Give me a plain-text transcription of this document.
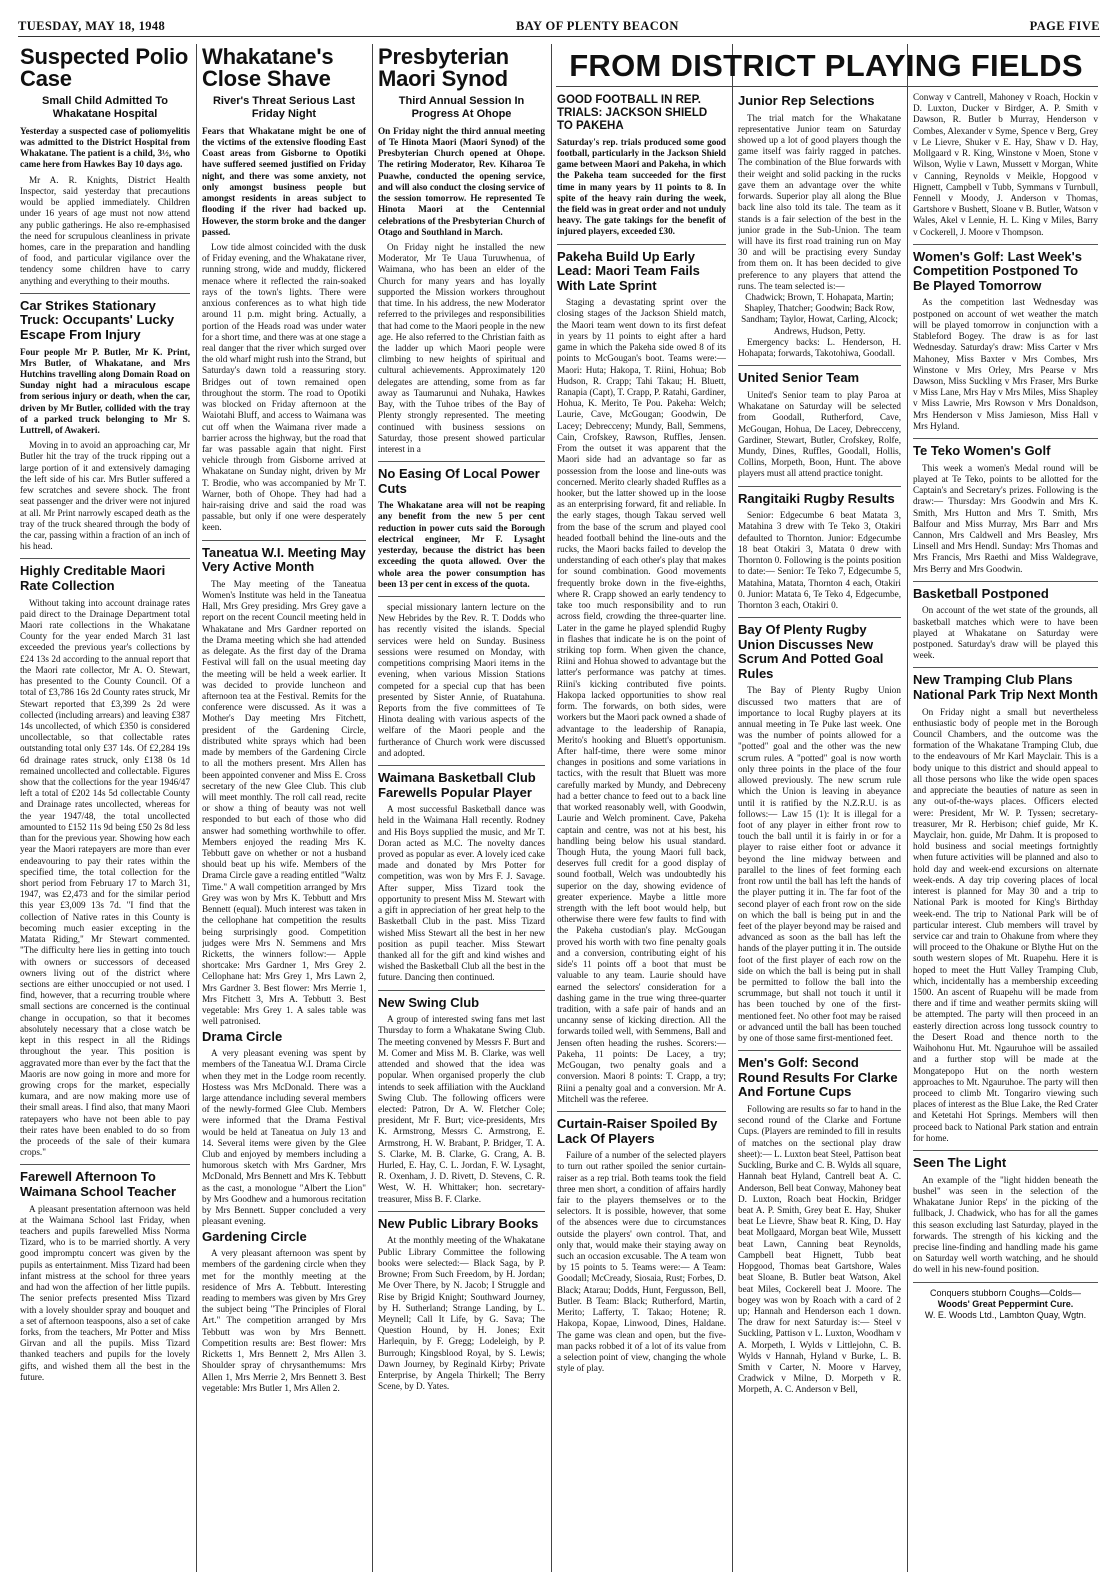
TUESDAY, MAY 18, 1948	BAY OF PLENTY BEACON	PAGE FIVE
FROM DISTRICT PLAYING FIELDS
Suspected Polio Case
Small Child Admitted To Whakatane Hospital
Yesterday a suspected case of poliomyelitis was admitted to the District Hospital from Whakatane. The patient is a child, 3½, who came here from Hawkes Bay 10 days ago.

Mr A. R. Knights, District Health Inspector, said yesterday that precautions would be applied immediately. Children under 16 years of age must not now attend any public gatherings. He also re-emphasised the need for scrupulous cleanliness in private homes, care in the preparation and handling of food, and particular vigilance over the tendency some children have to carry anything and everything to their mouths.

Car Strikes Stationary Truck: Occupants' Lucky Escape From Injury
Four people Mr P. Butler, Mr K. Print, Mrs Butler, of Whakatane, and Mrs Hutchins travelling along Domain Road on Sunday night had a miraculous escape from serious injury or death, when the car, driven by Mr Butler, collided with the tray of a parked truck belonging to Mr S. Luttrell, of Awakeri.

Moving in to avoid an approaching car, Mr Butler hit the tray of the truck ripping out a large portion of it and extensively damaging the left side of his car. Mrs Butler suffered a few scratches and severe shock. The front seat passenger and the driver were not injured at all. Mr Print narrowly escaped death as the tray of the truck sheared through the body of the car, passing within a fraction of an inch of his head.

Highly Creditable Maori Rate Collection

Without taking into account drainage rates paid direct to the Drainage Department total Maori rate collections in the Whakatane County for the year ended March 31 last exceeded the previous year's collections by £24 13s 2d according to the annual report that the Maori rate collector, Mr A. O. Stewart, has presented to the County Council. Of a total of £3,786 16s 2d County rates struck, Mr Stewart reported that £3,399 2s 2d were collected (including arrears) and leaving £387 14s uncollected, of which £350 is considered uncollectable, so that collectable rates outstanding total only £37 14s. Of £2,284 19s 6d drainage rates struck, only £138 0s 1d remained uncollected and collectable. Figures show that the collections for the year 1946/47 left a total of £202 14s 5d collectable County and Drainage rates uncollected, whereas for the year 1947/48, the total uncollected amounted to £152 11s 9d being £50 2s 8d less than for the previous year. Showing how each year the Maori ratepayers are more than ever endeavouring to pay their rates within the specified time, the total collection for the short period from February 17 to March 31, 1947, was £2,473 and for the similar period this year £3,009 13s 7d. "I find that the collection of Native rates in this County is becoming much easier excepting in the Matata Riding," Mr Stewart commented. "The difficulty here lies in getting into touch with owners or successors of deceased owners living out of the district where sections are either unoccupied or not used. I find, however, that a recurring trouble where small sections are concerned is the continual change in occupation, so that it becomes absolutely necessary that a close watch be kept in this respect in all the Ridings throughout the year. This position is aggravated more than ever by the fact that the Maoris are now going in more and more for growing crops for the market, especially kumara, and are now making more use of their small areas. I find also, that many Maori ratepayers who have not been able to pay their rates have been enabled to do so from the proceeds of the sale of their kumara crops."

Farewell Afternoon To Waimana School Teacher

A pleasant presentation afternoon was held at the Waimana School last Friday, when teachers and pupils farewelled Miss Norma Tizard, who is to be married shortly. A very good impromptu concert was given by the pupils as entertainment. Miss Tizard had been infant mistress at the school for three years and had won the affection of her little pupils. The senior prefects presented Miss Tizard with a lovely shoulder spray and bouquet and a set of afternoon teaspoons, also a set of cake forks, from the teachers, Mr Potter and Miss Girvan and all the pupils. Miss Tizard thanked teachers and pupils for the lovely gifts, and wished them all the best in the future.

Whakatane's Close Shave
River's Threat Serious Last Friday Night
Fears that Whakatane might be one of the victims of the extensive flooding East Coast areas from Gisborne to Opotiki have suffered seemed justified on Friday night, and there was some anxiety, not only amongst business people but amongst residents in areas subject to flooding if the river had backed up. However, the storm broke and the danger passed.

Low tide almost coincided with the dusk of Friday evening, and the Whakatane river, running strong, wide and muddy, flickered menace where it reflected the rain-soaked rays of the town's lights. There were anxious conferences as to what high tide around 11 p.m. might bring. Actually, a portion of the Heads road was under water for a short time, and there was at one stage a real danger that the river which surged over the old wharf might rush into the Strand, but Saturday's dawn told a reassuring story. Bridges out of town remained open throughout the storm. The road to Opotiki was blocked on Friday afternoon at the Waiotahi Bluff, and access to Waimana was cut off when the Waimana river made a barrier across the highway, but the road that far was passable again that night. First vehicle through from Gisborne arrived at Whakatane on Sunday night, driven by Mr T. Brodie, who was accompanied by Mr T. Warner, both of Ohope. They had had a hair-raising drive and said the road was passable, but only if one were desperately keen.

Taneatua W.I. Meeting May Very Active Month

The May meeting of the Taneatua Women's Institute was held in the Taneatua Hall, Mrs Grey presiding. Mrs Grey gave a report on the recent Council meeting held in Whakatane and Mrs Gardner reported on the Drama meeting which she had attended as delegate. As the first day of the Drama Festival will fall on the usual meeting day the meeting will be held a week earlier. It was decided to provide luncheon and afternoon tea at the Festival. Remits for the conference were discussed. As it was a Mother's Day meeting Mrs Fitchett, president of the Gardening Circle, distributed white sprays which had been made by members of the Gardening Circle to all the mothers present. Mrs Allen has been appointed convener and Miss E. Cross secretary of the new Glee Club. This club will meet monthly. The roll call read, recite or show a thing of beauty was not well responded to but each of those who did answer had something worthwhile to offer. Members enjoyed the reading Mrs K. Tebbutt gave on whether or not a husband should beat up his wife. Members of the Drama Circle gave a reading entitled "Waltz Time." A wall competition arranged by Mrs Grey was won by Mrs K. Tebbutt and Mrs Bennett (equal). Much interest was taken in the cellophane hat competition the results being surprisingly good. Competition judges were Mrs N. Semmens and Mrs Ricketts, the winners follow:— Apple shortcake: Mrs Gardner 1, Mrs Grey 2. Cellophane hat: Mrs Grey 1, Mrs Lawn 2, Mrs Gardner 3. Best flower: Mrs Merrie 1, Mrs Fitchett 3, Mrs A. Tebbutt 3. Best vegetable: Mrs Grey 1. A sales table was well patronised.

Drama Circle

A very pleasant evening was spent by members of the Taneatua W.I. Drama Circle when they met in the Lodge room recently. Hostess was Mrs McDonald. There was a large attendance including several members of the newly-formed Glee Club. Members were informed that the Drama Festival would be held at Taneatua on July 13 and 14. Several items were given by the Glee Club and enjoyed by members including a humorous sketch with Mrs Gardner, Mrs McDonald, Mrs Bennett and Mrs K. Tebbutt as the cast, a monologue "Albert the Lion" by Mrs Goodhew and a humorous recitation by Mrs Bennett. Supper concluded a very pleasant evening.

Gardening Circle

A very pleasant afternoon was spent by members of the gardening circle when they met for the monthly meeting at the residence of Mrs A. Tebbutt. Interesting reading to members was given by Mrs Grey the subject being "The Principles of Floral Art." The competition arranged by Mrs Tebbutt was won by Mrs Bennett. Competition results are: Best flower: Mrs Ricketts 1, Mrs Bennett 2, Mrs Allen 3. Shoulder spray of chrysanthemums: Mrs Allen 1, Mrs Merrie 2, Mrs Bennett 3. Best vegetable: Mrs Butler 1, Mrs Allen 2.

Presbyterian Maori Synod
Third Annual Session In Progress At Ohope
On Friday night the third annual meeting of Te Hinota Maori (Maori Synod) of the Presbyterian Church opened at Ohope. The retiring Moderator, Rev. Kiharoa Te Puawhe, conducted the opening service, and will also conduct the closing service of the session tomorrow. He represented Te Hinota Maori at the Centennial celebrations of the Presbyterian Church of Otago and Southland in March.

On Friday night he installed the new Moderator, Mr Te Uaua Turuwhenua, of Waimana, who has been an elder of the Church for many years and has loyally supported the Mission workers throughout that time. In his address, the new Moderator referred to the privileges and responsibilities that had come to the Maori people in the new age. He also referred to the Christian faith as the ladder up which Maori people were climbing to new heights of spiritual and cultural achievements. Approximately 120 delegates are attending, some from as far away as Taumarunui and Nuhaka, Hawkes Bay, with the Tuhoe tribes of the Bay of Plenty strongly represented. The meeting continued with business sessions on Saturday, those present showed particular interest in a

No Easing Of Local Power Cuts
The Whakatane area will not be reaping any benefit from the new 5 per cent reduction in power cuts said the Borough electrical engineer, Mr F. Lysaght yesterday, because the district has been exceeding the quota allowed. Over the whole area the power consumption has been 13 per cent in excess of the quota.

special missionary lantern lecture on the New Hebrides by the Rev. R. T. Dodds who has recently visited the islands. Special services were held on Sunday. Business sessions were resumed on Monday, with competitions comprising Maori items in the evening, when various Mission Stations competed for a special cup that has been presented by Sister Annie, of Ruatahuna. Reports from the five committees of Te Hinota dealing with various aspects of the welfare of the Maori people and the furtherance of Church work were discussed and adopted.

Waimana Basketball Club Farewells Popular Player

A most successful Basketball dance was held in the Waimana Hall recently. Rodney and His Boys supplied the music, and Mr T. Doran acted as M.C. The novelty dances proved as popular as ever. A lovely iced cake made and donated by Mrs Potter for competition, was won by Mrs F. J. Savage. After supper, Miss Tizard took the opportunity to present Miss M. Stewart with a gift in appreciation of her great help to the Basketball Club in the past. Miss Tizard wished Miss Stewart all the best in her new position as pupil teacher. Miss Stewart thanked all for the gift and kind wishes and wished the Basketball Club all the best in the future. Dancing then continued.

New Swing Club

A group of interested swing fans met last Thursday to form a Whakatane Swing Club. The meeting convened by Messrs F. Burt and M. Comer and Miss M. B. Clarke, was well attended and showed that the idea was popular. When organised properly the club intends to seek affiliation with the Auckland Swing Club. The following officers were elected: Patron, Dr A. W. Fletcher Cole; president, Mr F. Burt; vice-presidents, Mrs K. Armstrong, Messrs C. Armstrong, E. Armstrong, H. W. Brabant, P. Bridger, T. A. S. Clarke, M. B. Clarke, G. Crang, A. B. Hurled, E. Hay, C. L. Jordan, F. W. Lysaght, R. Oxenham, J. D. Rivett, D. Stevens, C. R. West, W. H. Whittaker; hon. secretary-treasurer, Miss B. F. Clarke.

New Public Library Books

At the monthly meeting of the Whakatane Public Library Committee the following books were selected:— Black Saga, by P. Browne; From Such Freedom, by H. Jordan; Me Over There, by N. Jacob; I Struggle and Rise by Brigid Knight; Southward Journey, by H. Sutherland; Strange Landing, by L. Meynell; Call It Life, by G. Sava; The Question Hound, by H. Jones; Exit Harlequin, by F. Gregg; Lodeleigh, by P. Burrough; Kingsblood Royal, by S. Lewis; Dawn Journey, by Reginald Kirby; Private Enterprise, by Angela Thirkell; The Berry Scene, by D. Yates.

GOOD FOOTBALL IN REP. TRIALS: JACKSON SHIELD TO PAKEHA
Saturday's rep. trials produced some good football, particularly in the Jackson Shield game between Maori and Pakeha, in which the Pakeha team succeeded for the first time in many years by 11 points to 8. In spite of the heavy rain during the week, the field was in great order and not unduly heavy. The gate takings for the benefit of injured players, exceeded £30.
Pakeha Build Up Early Lead: Maori Team Fails With Late Sprint

Staging a devastating sprint over the closing stages of the Jackson Shield match, the Maori team went down to its first defeat in years by 11 points to eight after a hard game in which the Pakeha side owed 8 of its points to McGougan's boot. Teams were:— Maori: Huta; Hakopa, T. Riini, Hohua; Bob Hudson, R. Crapp; Tahi Takau; H. Bluett, Ranapia (Capt), T. Crapp, P. Ratahi, Gardiner, Hohua, K. Merito, Te Pou. Pakeha: Welch; Laurie, Cave, McGougan; Goodwin, De Lacey; Debrecceny; Mundy, Ball, Semmens, Cain, Crofskey, Rawson, Ruffles, Jensen. From the outset it was apparent that the Maori side had an advantage so far as possession from the loose and line-outs was concerned. Merito clearly shaded Ruffles as a hooker, but the latter showed up in the loose as an enterprising forward, fit and reliable. In the early stages, though Takau served well from the base of the scrum and played cool headed football behind the line-outs and the rucks, the Maori backs failed to develop the understanding of each other's play that makes for sound combination. Good movements frequently broke down in the five-eighths, where R. Crapp showed an early tendency to take too much responsibility and to run across field, crowding the three-quarter line. Later in the game he played splendid Rugby in flashes that indicate he is on the point of striking top form. When given the chance, Riini and Hohua showed to advantage but the latter's performance was patchy at times. Riini's kicking contributed five points. Hakopa lacked opportunities to show real form. The forwards, on both sides, were workers but the Maori pack owned a shade of advantage to the leadership of Ranapia, Merito's hooking and Bluett's opportunism. After half-time, there were some minor changes in positions and some variations in tactics, with the result that Bluett was more carefully marked by Mundy, and Debreceny had a better chance to feed out to a back line that worked reasonably well, with Goodwin, Laurie and Welch prominent. Cave, Pakeha captain and centre, was not at his best, his handling being below his usual standard. Though Huta, the young Maori full back, deserves full credit for a good display of sound football, Welch was undoubtedly his superior on the day, showing evidence of greater experience. Maybe a little more strength with the left boot would help, but otherwise there were few faults to find with the Pakeha custodian's play. McGougan proved his worth with two fine penalty goals and a conversion, contributing eight of his side's 11 points off a boot that must be valuable to any team. Laurie should have earned the selectors' consideration for a dashing game in the true wing three-quarter tradition, with a safe pair of hands and an uncanny sense of kicking direction. All the forwards toiled well, with Semmens, Ball and Jensen often heading the rushes. Scorers:— Pakeha, 11 points: De Lacey, a try; McGougan, two penalty goals and a conversion. Maori 8 points: T. Crapp, a try; Riini a penalty goal and a conversion. Mr A. Mitchell was the referee.

Curtain-Raiser Spoiled By Lack Of Players

Failure of a number of the selected players to turn out rather spoiled the senior curtain-raiser as a rep trial. Both teams took the field three men short, a condition of affairs hardly fair to the players themselves or to the selectors. It is possible, however, that some of the absences were due to circumstances outside the players' own control. That, and only that, would make their staying away on such an occasion excusable. The A team won by 15 points to 5. Teams were:— A Team: Goodall; McCready, Siosaia, Rust; Forbes, D. Black; Atarau; Dodds, Hunt, Fergusson, Bell, Butler. B Team: Black; Rutherford, Martin, Merito; Lafferty, T. Takao; Hotene; R. Hakopa, Kopae, Linwood, Dines, Haldane. The game was clean and open, but the five-man packs robbed it of a lot of its value from a selection point of view, changing the whole style of play.

Junior Rep Selections

The trial match for the Whakatane representative Junior team on Saturday showed up a lot of good players though the game itself was fairly ragged in patches. The combination of the Blue forwards with their weight and solid packing in the rucks gave them an advantage over the white forwards. Superior play all along the Blue back line also told its tale. The team as it stands is a fair selection of the best in the junior grade in the Sub-Union. The team will have its first road training run on May 30 and will be practising every Sunday from them on. It has been decided to give preference to any players that attend the runs. The team selected is:—

Chadwick; Brown, T. Hohapata, Martin; Shapley, Thatcher; Goodwin; Back Row, Sandham; Taylor, Howat, Carling, Alcock; Andrews, Hudson, Petty.

Emergency backs: L. Henderson, H. Hohapata; forwards, Takotohiwa, Goodall.

United Senior Team

United's Senior team to play Paroa at Whakatane on Saturday will be selected from Goodall, Rutherford, Cave, McGougan, Hohua, De Lacey, Debrecceny, Gardiner, Stewart, Butler, Crofskey, Rolfe, Mundy, Dines, Ruffles, Goodall, Hollis, Collins, Morpeth, Boon, Hunt. The above players must all attend practice tonight.

Rangitaiki Rugby Results

Senior: Edgecumbe 6 beat Matata 3, Matahina 3 drew with Te Teko 3, Otakiri defaulted to Thornton. Junior: Edgecumbe 18 beat Otakiri 3, Matata 0 drew with Thornton 0. Following is the points position to date:— Senior: Te Teko 7, Edgecumbe 5, Matahina, Matata, Thornton 4 each, Otakiri 0. Junior: Matata 6, Te Teko 4, Edgecumbe, Thornton 3 each, Otakiri 0.

Bay Of Plenty Rugby Union Discusses New Scrum And Potted Goal Rules

The Bay of Plenty Rugby Union discussed two matters that are of importance to local Rugby players at its annual meeting in Te Puke last week. One was the number of points allowed for a "potted" goal and the other was the new scrum rules. A "potted" goal is now worth only three points in the place of the four allowed previously. The new scrum rule which the Union is leaving in abeyance until it is ratified by the N.Z.R.U. is as follows:— Law 15 (1): It is illegal for a foot of any player in either front row to touch the ball until it is fairly in or for a player to raise either foot or advance it beyond the line midway between and parallel to the lines of feet forming each front row until the ball has left the hands of the player putting it in. The far foot of the second player of each front row on the side on which the ball is being put in and the feet of the player beyond may be raised and advanced as soon as the ball has left the hands of the player putting it in. The outside foot of the first player of each row on the side on which the ball is being put in shall be permitted to follow the ball into the scrummage, but shall not touch it until it has been touched by one of the first-mentioned feet. No other foot may be raised or advanced until the ball has been touched by one of those same first-mentioned feet.

Men's Golf: Second Round Results For Clarke And Fortune Cups

Following are results so far to hand in the second round of the Clarke and Fortune Cups. (Players are reminded to fill in results of matches on the sectional play draw sheet):— L. Luxton beat Steel, Pattison beat Suckling, Burke and C. B. Wylds all square, Hannah beat Hyland, Cantrell beat A. C. Anderson, Bell beat Conway, Mahoney beat D. Luxton, Roach beat Hockin, Bridger beat A. P. Smith, Grey beat E. Hay, Shuker beat Le Lievre, Shaw beat R. King, D. Hay beat Mollgaard, Morgan beat Wile, Mussett beat Lawn, Canning beat Reynolds, Campbell beat Hignett, Tubb beat Hopgood, Thomas beat Gartshore, Wales beat Sloane, B. Butler beat Watson, Akel beat Miles, Cockerell beat J. Moore. The bogey was won by Roach with a card of 2 up; Hannah and Henderson each 1 down. The draw for next Saturday is:— Steel v Suckling, Pattison v L. Luxton, Woodham v A. Morpeth, I. Wylds v Littlejohn, C. B. Wylds v Hannah, Hyland v Burke, L. B. Smith v Carter, N. Moore v Harvey, Cradwick v Milne, D. Morpeth v R. Morpeth, A. C. Anderson v Bell,

Conway v Cantrell, Mahoney v Roach, Hockin v D. Luxton, Ducker v Birdger, A. P. Smith v Dawson, R. Butler b Murray, Henderson v Combes, Alexander v Syme, Spence v Berg, Grey v Le Lievre, Shuker v E. Hay, Shaw v D. Hay, Mollgaard v R. King, Winstone v Moen, Stone v Wilson, Wylie v Lawn, Mussett v Morgan, White v Canning, Reynolds v Meikle, Hopgood v Hignett, Campbell v Tubb, Symmans v Turnbull, Fennell v Moody, J. Anderson v Thomas, Gartshore v Bushett, Sloane v B. Butler, Watson v Wales, Akel v Lennie, H. L. King v Miles, Barry v Cockerell, J. Moore v Thompson.

Women's Golf: Last Week's Competition Postponed To Be Played Tomorrow

As the competition last Wednesday was postponed on account of wet weather the match will be played tomorrow in conjunction with a Stableford Bogey. The draw is as for last Wednesday. Saturday's draw: Miss Carter v Mrs Mahoney, Miss Baxter v Mrs Combes, Mrs Winstone v Mrs Orley, Mrs Pearse v Mrs Dawson, Miss Suckling v Mrs Fraser, Mrs Burke v Miss Lane, Mrs Hay v Mrs Miles, Miss Shapley v Miss Lawrie, Mrs Rowson v Mrs Donaldson, Mrs Henderson v Miss Jamieson, Miss Hall v Mrs Hyland.

Te Teko Women's Golf

This week a women's Medal round will be played at Te Teko, points to be allotted for the Captain's and Secretary's prizes. Following is the draw:— Thursday: Mrs Goodwin and Mrs K. Smith, Mrs Hutton and Mrs T. Smith, Mrs Balfour and Miss Murray, Mrs Barr and Mrs Cannon, Mrs Caldwell and Mrs Beasley, Mrs Linsell and Mrs Hendl. Sunday: Mrs Thomas and Mrs Francis, Mrs Raethi and Miss Waldegrave, Mrs Berry and Mrs Goodwin.

Basketball Postponed

On account of the wet state of the grounds, all basketball matches which were to have been played at Whakatane on Saturday were postponed. Saturday's draw will be played this week.

New Tramping Club Plans National Park Trip Next Month

On Friday night a small but nevertheless enthusiastic body of people met in the Borough Council Chambers, and the outcome was the formation of the Whakatane Tramping Club, due to the endeavours of Mr Karl Mayclair. This is a body unique to this district and should appeal to all those persons who like the wide open spaces and appreciate the beauties of nature as seen in any out-of-the-ways places. Officers elected were: President, Mr W. P. Tyssen; secretary-treasurer, Mr R. Herbison; chief guide, Mr K. Mayclair, hon. guide, Mr Dahm. It is proposed to hold business and social meetings fortnightly when future activities will be planned and also to hold day and week-end excursions on alternate week-ends. A day trip covering places of local interest is planned for May 30 and a trip to National Park is mooted for King's Birthday week-end. The trip to National Park will be of particular interest. Club members will travel by service car and train to Ohakune from where they will proceed to the Ohakune or Blythe Hut on the south western slopes of Mt. Ruapehu. Here it is hoped to meet the Hutt Valley Tramping Club, which, incidentally has a membership exceeding 1500. An ascent of Ruapehu will be made from there and if time and weather permits skiing will be attempted. The party will then proceed in an easterly direction across long tussock country to the Desert Road and thence north to the Waihohonu Hut. Mt. Ngauruhoe will be assailed and a further stop will be made at the Mongatepopo Hut on the north western approaches to Mt. Ngauruhoe. The party will then proceed to climb Mt. Tongariro viewing such places of interest as the Blue Lake, the Red Crater and Ketetahi Hot Springs. Members will then proceed back to National Park station and entrain for home.

Seen The Light

An example of the "light hidden beneath the bushel" was seen in the selection of the Whakatane Junior Reps' in the picking of the fullback, J. Chadwick, who has for all the games this season excluding last Saturday, played in the forwards. The strength of his kicking and the precise line-finding and handling made his game on Saturday well worth watching, and he should do well in his new-found position.

Conquers stubborn Coughs—Colds—
Woods' Great Peppermint Cure.
W. E. Woods Ltd., Lambton Quay, Wgtn.
